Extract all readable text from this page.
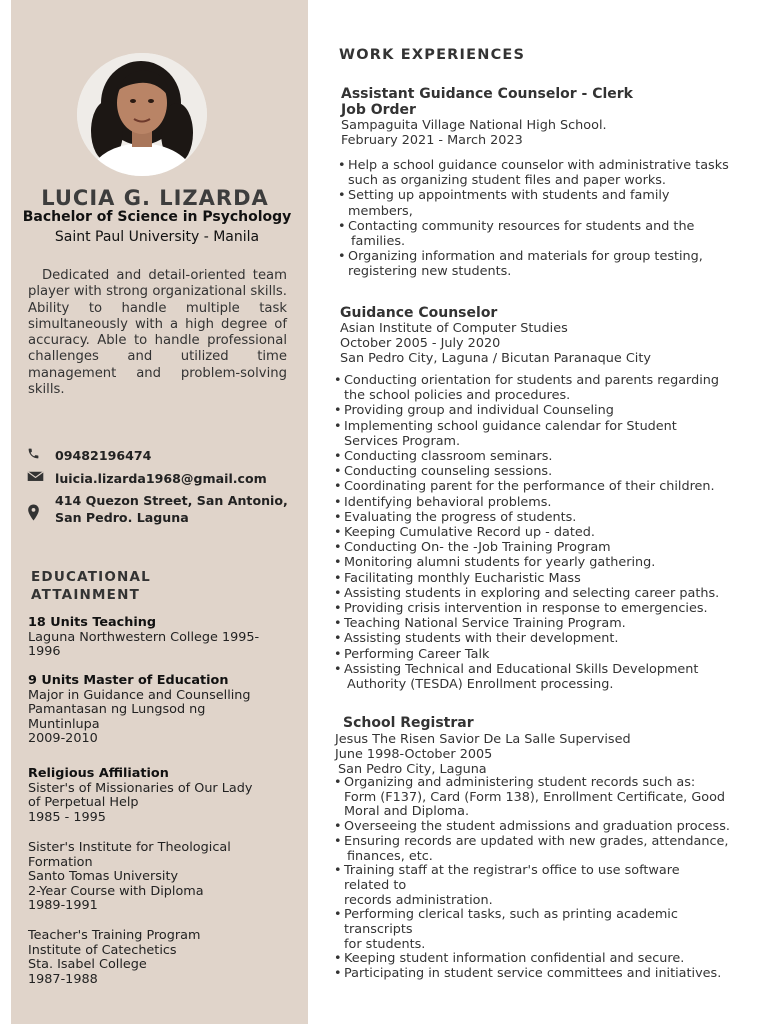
LUCIA G. LIZARDA
Bachelor of Science in Psychology
Saint Paul University - Manila
Dedicated and detail-oriented team player with strong organizational skills. Ability to handle multiple task simultaneously with a high degree of accuracy. Able to handle professional challenges and utilized time management and problem-solving skills.
09482196474
luicia.lizarda1968@gmail.com
414 Quezon Street, San Antonio,
San Pedro. Laguna
EDUCATIONAL
ATTAINMENT
18 Units Teaching
Laguna Northwestern College 1995-
1996
9 Units Master of Education
Major in Guidance and Counselling
Pamantasan ng Lungsod ng
Muntinlupa
2009-2010
Religious Affiliation
Sister's of Missionaries of Our Lady
of Perpetual Help
1985 - 1995
Sister's Institute for Theological
Formation
Santo Tomas University
2-Year Course with Diploma
1989-1991
Teacher's Training Program
Institute of Catechetics
Sta. Isabel College
1987-1988
WORK EXPERIENCES
Assistant Guidance Counselor - Clerk
Job Order
Sampaguita Village National High School.
February 2021 - March 2023
• Help a school guidance counselor with administrative tasks
such as organizing student files and paper works.
• Setting up appointments with students and family
members,
• Contacting community resources for students and the
families.
• Organizing information and materials for group testing,
registering new students.
Guidance Counselor
Asian Institute of Computer Studies
October 2005 - July 2020
San Pedro City, Laguna / Bicutan Paranaque City
• Conducting orientation for students and parents regarding
the school policies and procedures.
• Providing group and individual Counseling
• Implementing school guidance calendar for Student
Services Program.
• Conducting classroom seminars.
• Conducting counseling sessions.
• Coordinating parent for the performance of their children.
• Identifying behavioral problems.
• Evaluating the progress of students.
• Keeping Cumulative Record up - dated.
• Conducting On- the -Job Training Program
• Monitoring alumni students for yearly gathering.
• Facilitating monthly Eucharistic Mass
• Assisting students in exploring and selecting career paths.
• Providing crisis intervention in response to emergencies.
• Teaching National Service Training Program.
• Assisting students with their development.
• Performing Career Talk
• Assisting Technical and Educational Skills Development
Authority (TESDA) Enrollment processing.
School Registrar
Jesus The Risen Savior De La Salle Supervised
June 1998-October 2005
San Pedro City, Laguna
• Organizing and administering student records such as:
Form (F137), Card (Form 138), Enrollment Certificate, Good
Moral and Diploma.
• Overseeing the student admissions and graduation process.
• Ensuring records are updated with new grades, attendance,
finances, etc.
• Training staff at the registrar's office to use software
related to
records administration.
• Performing clerical tasks, such as printing academic
transcripts
for students.
• Keeping student information confidential and secure.
• Participating in student service committees and initiatives.
